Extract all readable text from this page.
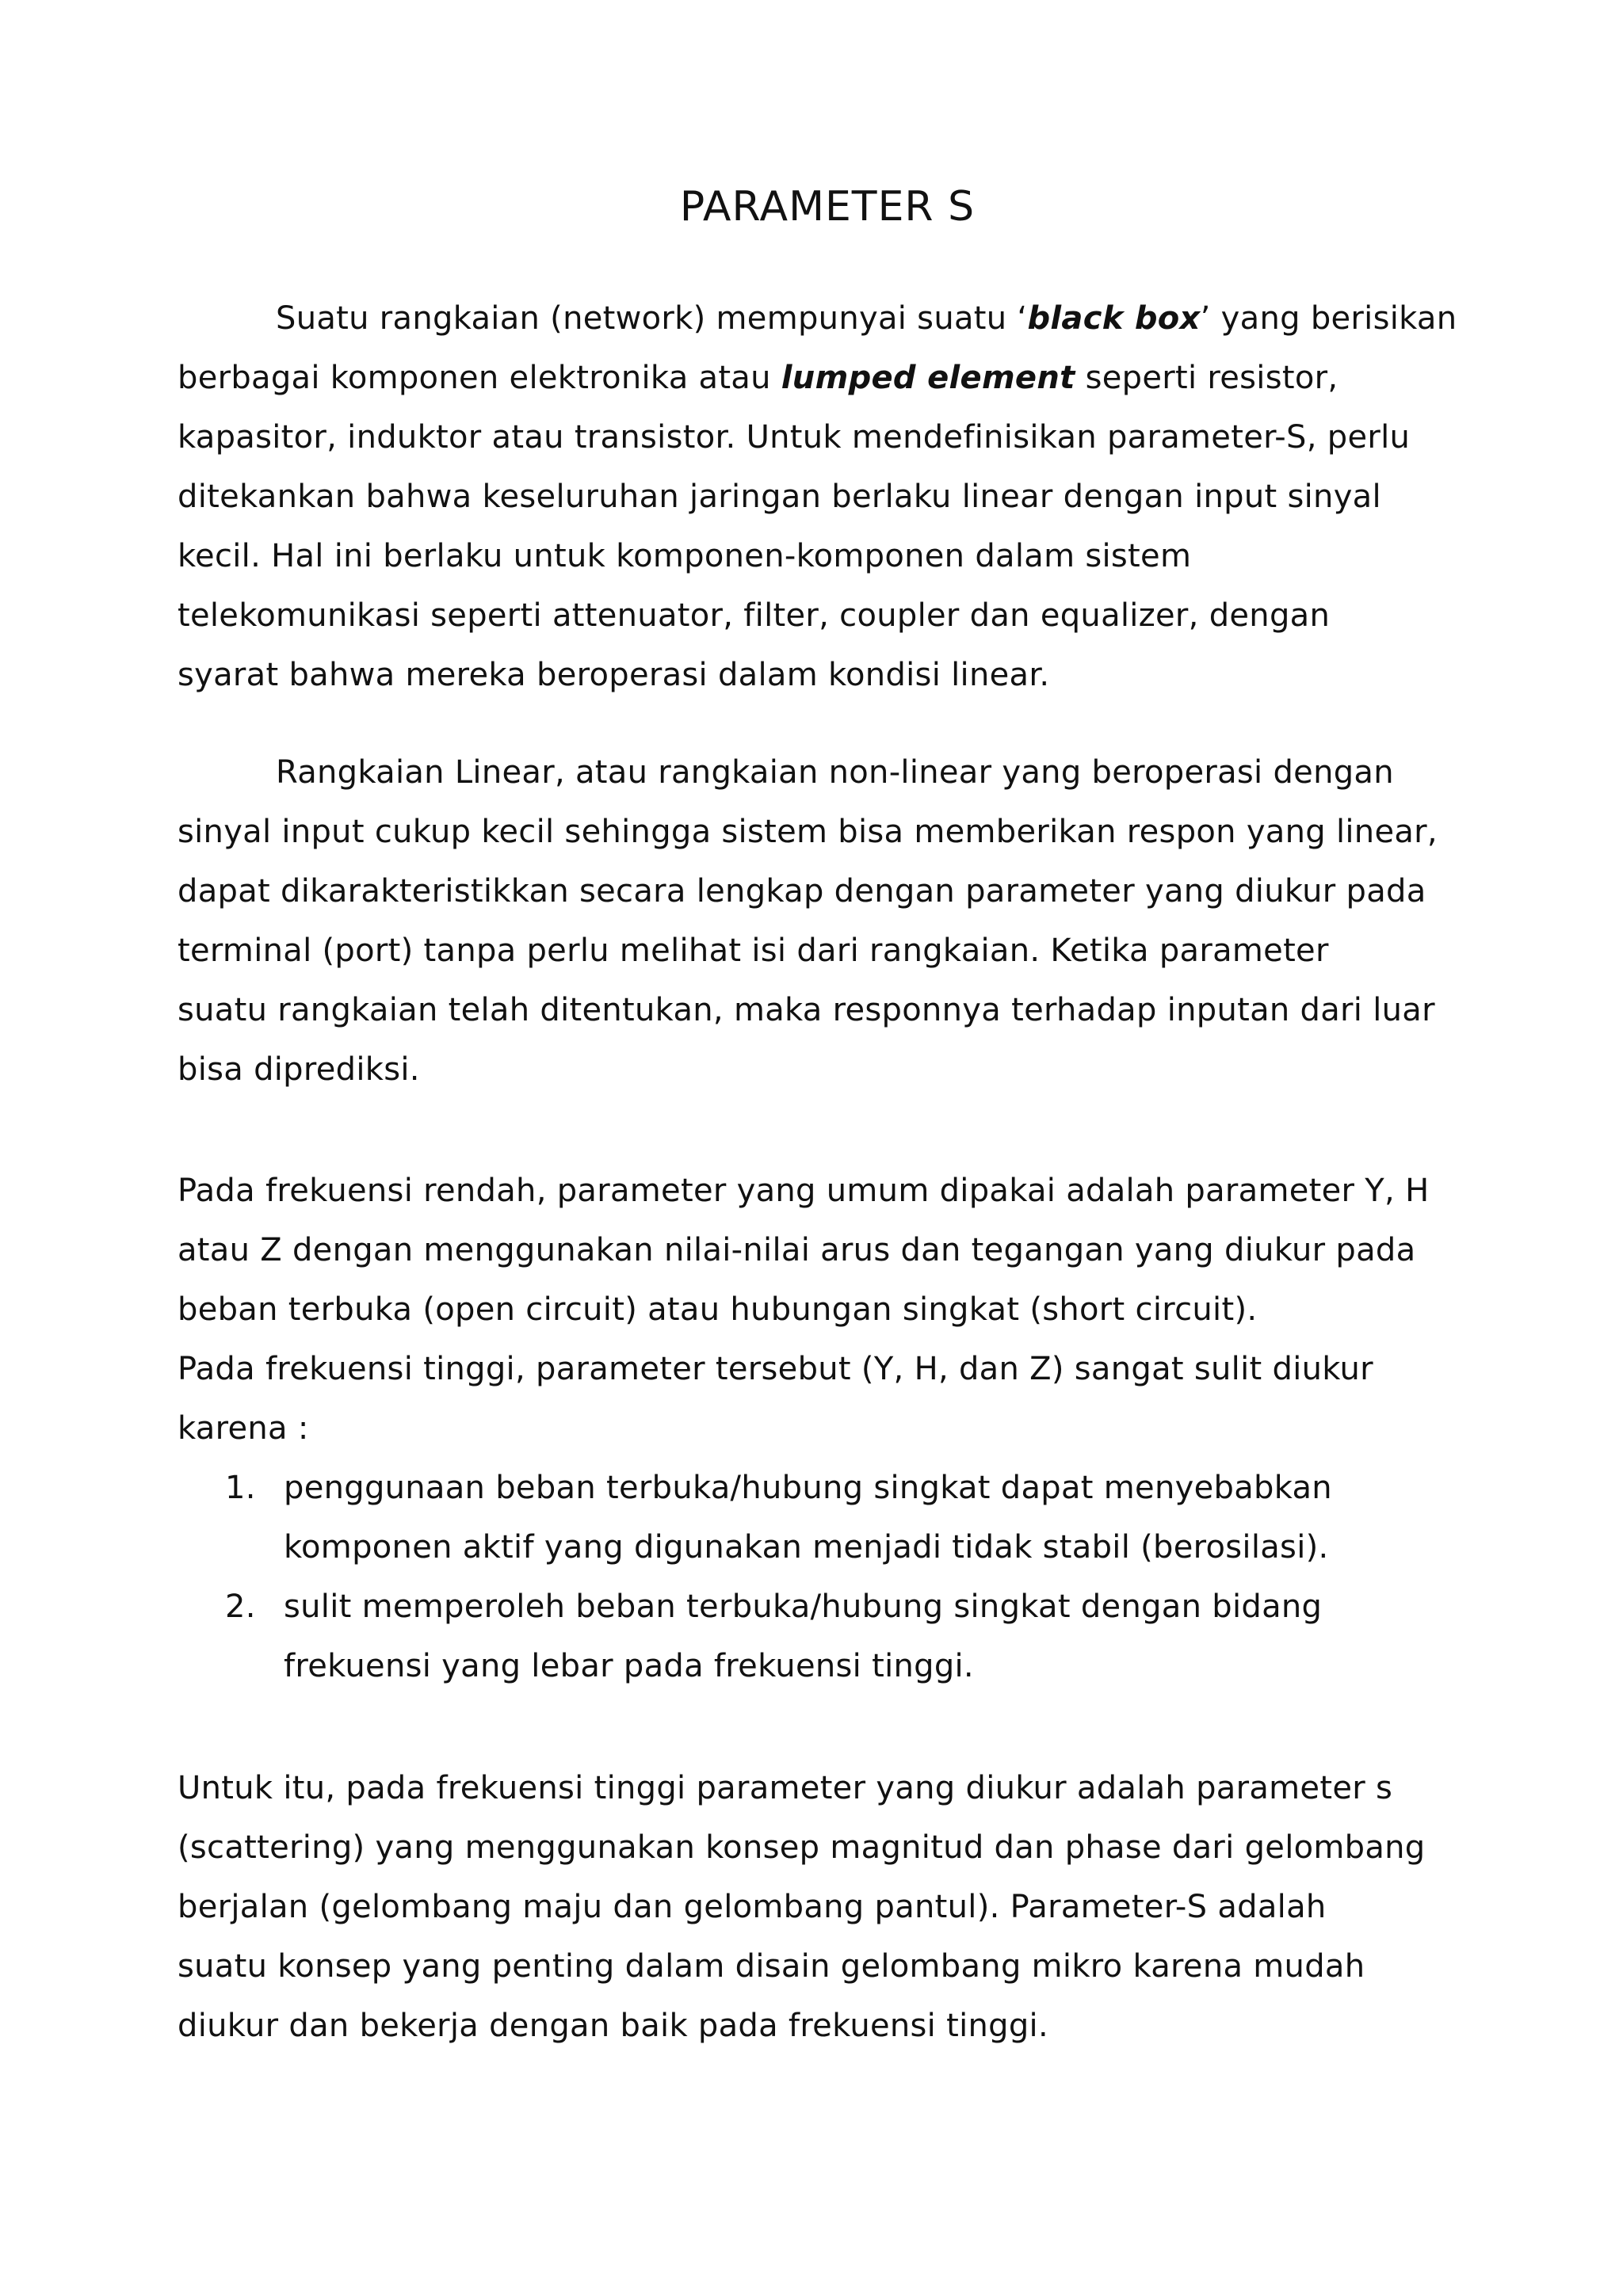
PARAMETER S
Suatu rangkaian (network) mempunyai suatu ‘black box’ yang berisikan
berbagai komponen elektronika atau lumped element seperti resistor,
kapasitor, induktor atau transistor. Untuk mendefinisikan parameter-S, perlu
ditekankan bahwa keseluruhan jaringan berlaku linear dengan input sinyal
kecil. Hal ini berlaku untuk komponen-komponen dalam sistem
telekomunikasi seperti attenuator, filter, coupler dan equalizer, dengan
syarat bahwa mereka beroperasi dalam kondisi linear.
Rangkaian Linear, atau rangkaian non-linear yang beroperasi dengan
sinyal input cukup kecil sehingga sistem bisa memberikan respon yang linear,
dapat dikarakteristikkan secara lengkap dengan parameter yang diukur pada
terminal (port) tanpa perlu melihat isi dari rangkaian. Ketika parameter
suatu rangkaian telah ditentukan, maka responnya terhadap inputan dari luar
bisa diprediksi.
Pada frekuensi rendah, parameter yang umum dipakai adalah parameter Y, H
atau Z dengan menggunakan nilai-nilai arus dan tegangan yang diukur pada
beban terbuka (open circuit) atau hubungan singkat (short circuit).
Pada frekuensi tinggi, parameter tersebut (Y, H, dan Z) sangat sulit diukur
karena :
1. penggunaan beban terbuka/hubung singkat dapat menyebabkan
komponen aktif yang digunakan menjadi tidak stabil (berosilasi).
2. sulit memperoleh beban terbuka/hubung singkat dengan bidang
frekuensi yang lebar pada frekuensi tinggi.
Untuk itu, pada frekuensi tinggi parameter yang diukur adalah parameter s
(scattering) yang menggunakan konsep magnitud dan phase dari gelombang
berjalan (gelombang maju dan gelombang pantul). Parameter-S adalah
suatu konsep yang penting dalam disain gelombang mikro karena mudah
diukur dan bekerja dengan baik pada frekuensi tinggi.
